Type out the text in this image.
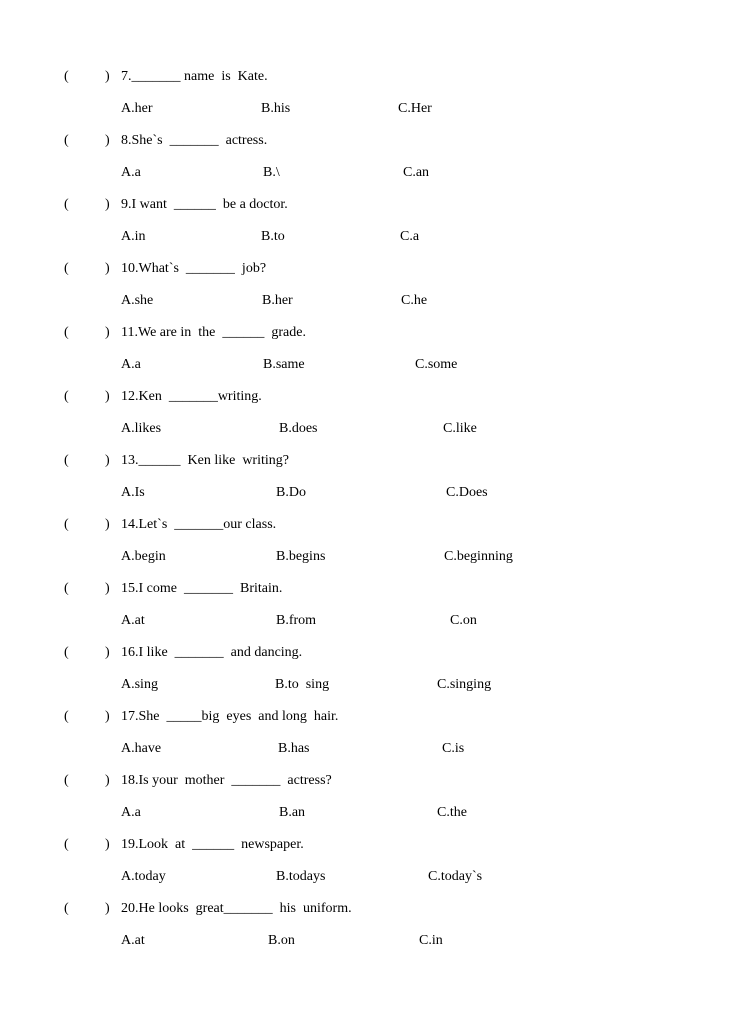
(	) 7._______ name  is  Kate.
A.her	B.his	C.Her
(	) 8.She`s  _______  actress.
A.a	B.\	C.an
(	) 9.I want  ______  be a doctor.
A.in	B.to	C.a
(	) 10.What`s  _______  job?
A.she	B.her	C.he
(	) 11.We are in  the  ______  grade.
A.a	B.same	C.some
(	) 12.Ken  _______writing.
A.likes	B.does	C.like
(	) 13.______  Ken like  writing?
A.Is	B.Do	C.Does
(	) 14.Let`s  _______our class.
A.begin	B.begins	C.beginning
(	) 15.I come  _______  Britain.
A.at	B.from	C.on
(	) 16.I like  _______  and dancing.
A.sing	B.to  sing	C.singing
(	) 17.She  _____big  eyes  and long  hair.
A.have	B.has	C.is
(	) 18.Is your  mother  _______  actress?
A.a	B.an	C.the
(	) 19.Look  at  ______  newspaper.
A.today	B.todays	C.today`s
(	) 20.He looks  great_______  his  uniform.
A.at	B.on	C.in
